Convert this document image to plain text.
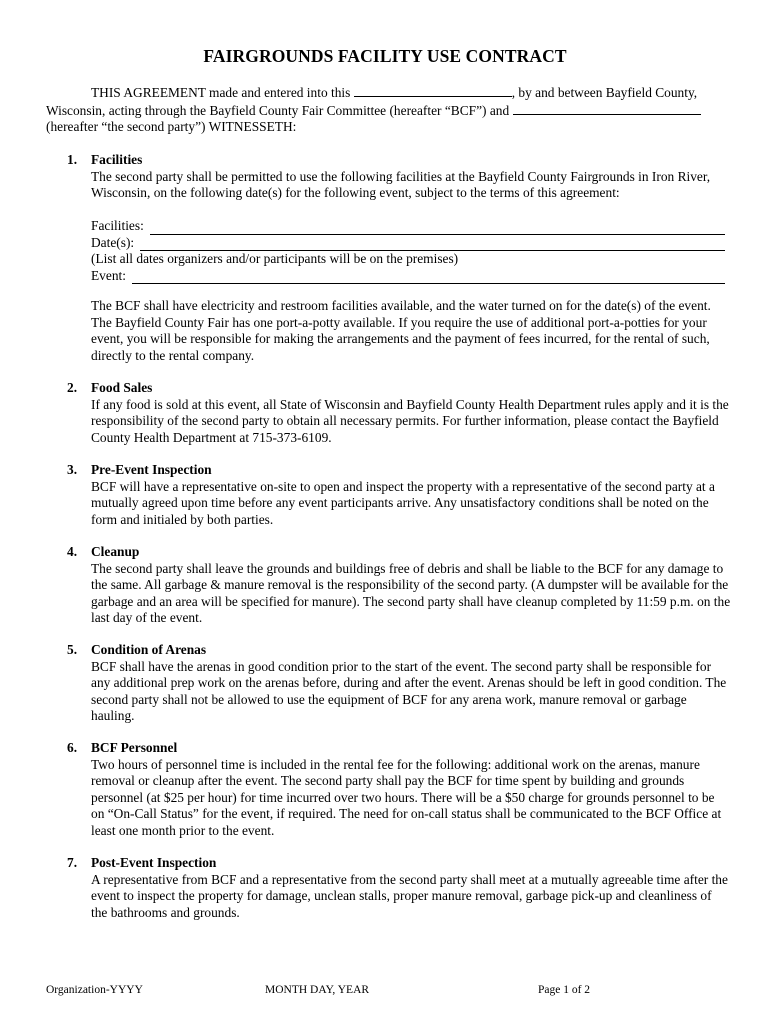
FAIRGROUNDS FACILITY USE CONTRACT
THIS AGREEMENT made and entered into this	, by and between Bayfield County,
Wisconsin, acting through the Bayfield County Fair Committee (hereafter “BCF”) and
(hereafter “the second party”) WITNESSETH:
1. Facilities
The second party shall be permitted to use the following facilities at the Bayfield County Fairgrounds in Iron River, Wisconsin, on the following date(s) for the following event, subject to the terms of this agreement:
Facilities:
Date(s):
(List all dates organizers and/or participants will be on the premises)
Event:
The BCF shall have electricity and restroom facilities available, and the water turned on for the date(s) of the event. The Bayfield County Fair has one port-a-potty available. If you require the use of additional port-a-potties for your event, you will be responsible for making the arrangements and the payment of fees incurred, for the rental of such, directly to the rental company.
2. Food Sales
If any food is sold at this event, all State of Wisconsin and Bayfield County Health Department rules apply and it is the responsibility of the second party to obtain all necessary permits. For further information, please contact the Bayfield County Health Department at 715-373-6109.
3. Pre-Event Inspection
BCF will have a representative on-site to open and inspect the property with a representative of the second party at a mutually agreed upon time before any event participants arrive. Any unsatisfactory conditions shall be noted on the form and initialed by both parties.
4. Cleanup
The second party shall leave the grounds and buildings free of debris and shall be liable to the BCF for any damage to the same. All garbage & manure removal is the responsibility of the second party. (A dumpster will be available for the garbage and an area will be specified for manure). The second party shall have cleanup completed by 11:59 p.m. on the last day of the event.
5. Condition of Arenas
BCF shall have the arenas in good condition prior to the start of the event. The second party shall be responsible for any additional prep work on the arenas before, during and after the event. Arenas should be left in good condition. The second party shall not be allowed to use the equipment of BCF for any arena work, manure removal or garbage hauling.
6. BCF Personnel
Two hours of personnel time is included in the rental fee for the following: additional work on the arenas, manure removal or cleanup after the event. The second party shall pay the BCF for time spent by building and grounds personnel (at $25 per hour) for time incurred over two hours. There will be a $50 charge for grounds personnel to be on “On-Call Status” for the event, if required. The need for on-call status shall be communicated to the BCF Office at least one month prior to the event.
7. Post-Event Inspection
A representative from BCF and a representative from the second party shall meet at a mutually agreeable time after the event to inspect the property for damage, unclean stalls, proper manure removal, garbage pick-up and cleanliness of the bathrooms and grounds.
Organization-YYYY	MONTH DAY, YEAR	Page 1 of 2
